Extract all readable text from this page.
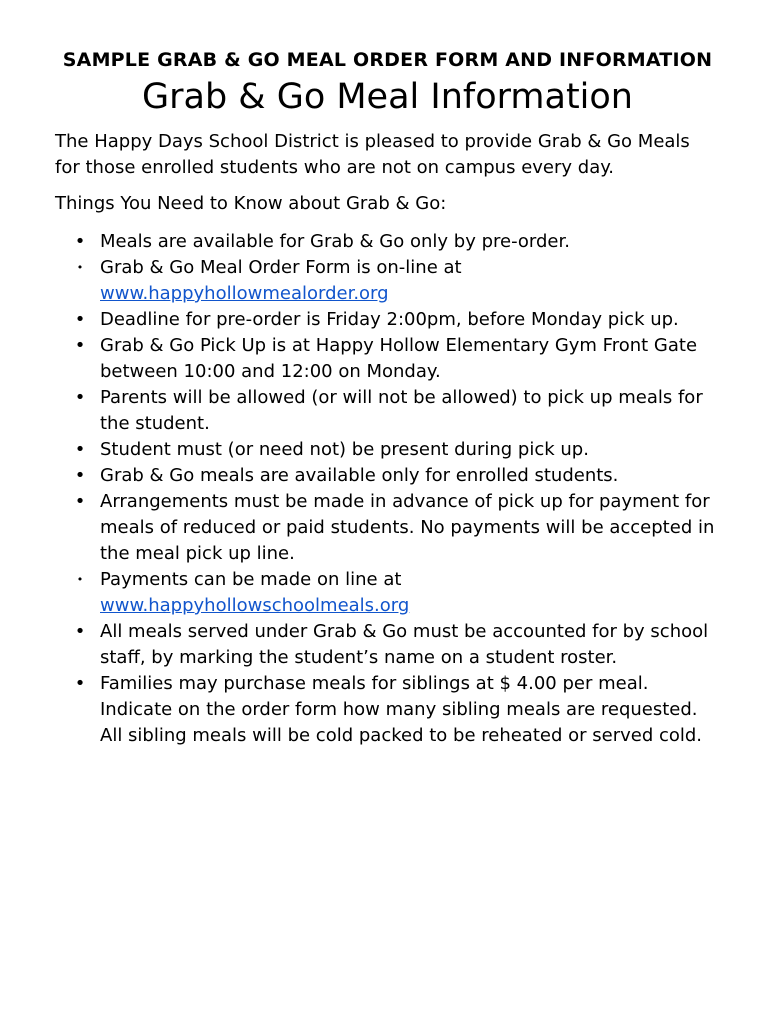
SAMPLE GRAB & GO MEAL ORDER FORM AND INFORMATION
Grab & Go Meal Information

The Happy Days School District is pleased to provide Grab & Go Meals for those enrolled students who are not on campus every day.

Things You Need to Know about Grab & Go:

• Meals are available for Grab & Go only by pre-order.
• Grab & Go Meal Order Form is on-line at
www.happyhollowmealorder.org
• Deadline for pre-order is Friday 2:00pm, before Monday pick up.
• Grab & Go Pick Up is at Happy Hollow Elementary Gym Front Gate between 10:00 and 12:00 on Monday.
• Parents will be allowed (or will not be allowed) to pick up meals for the student.
• Student must (or need not) be present during pick up.
• Grab & Go meals are available only for enrolled students.
• Arrangements must be made in advance of pick up for payment for meals of reduced or paid students. No payments will be accepted in the meal pick up line.
• Payments can be made on line at
www.happyhollowschoolmeals.org
• All meals served under Grab & Go must be accounted for by school staff, by marking the student’s name on a student roster.
• Families may purchase meals for siblings at $ 4.00 per meal. Indicate on the order form how many sibling meals are requested. All sibling meals will be cold packed to be reheated or served cold.
